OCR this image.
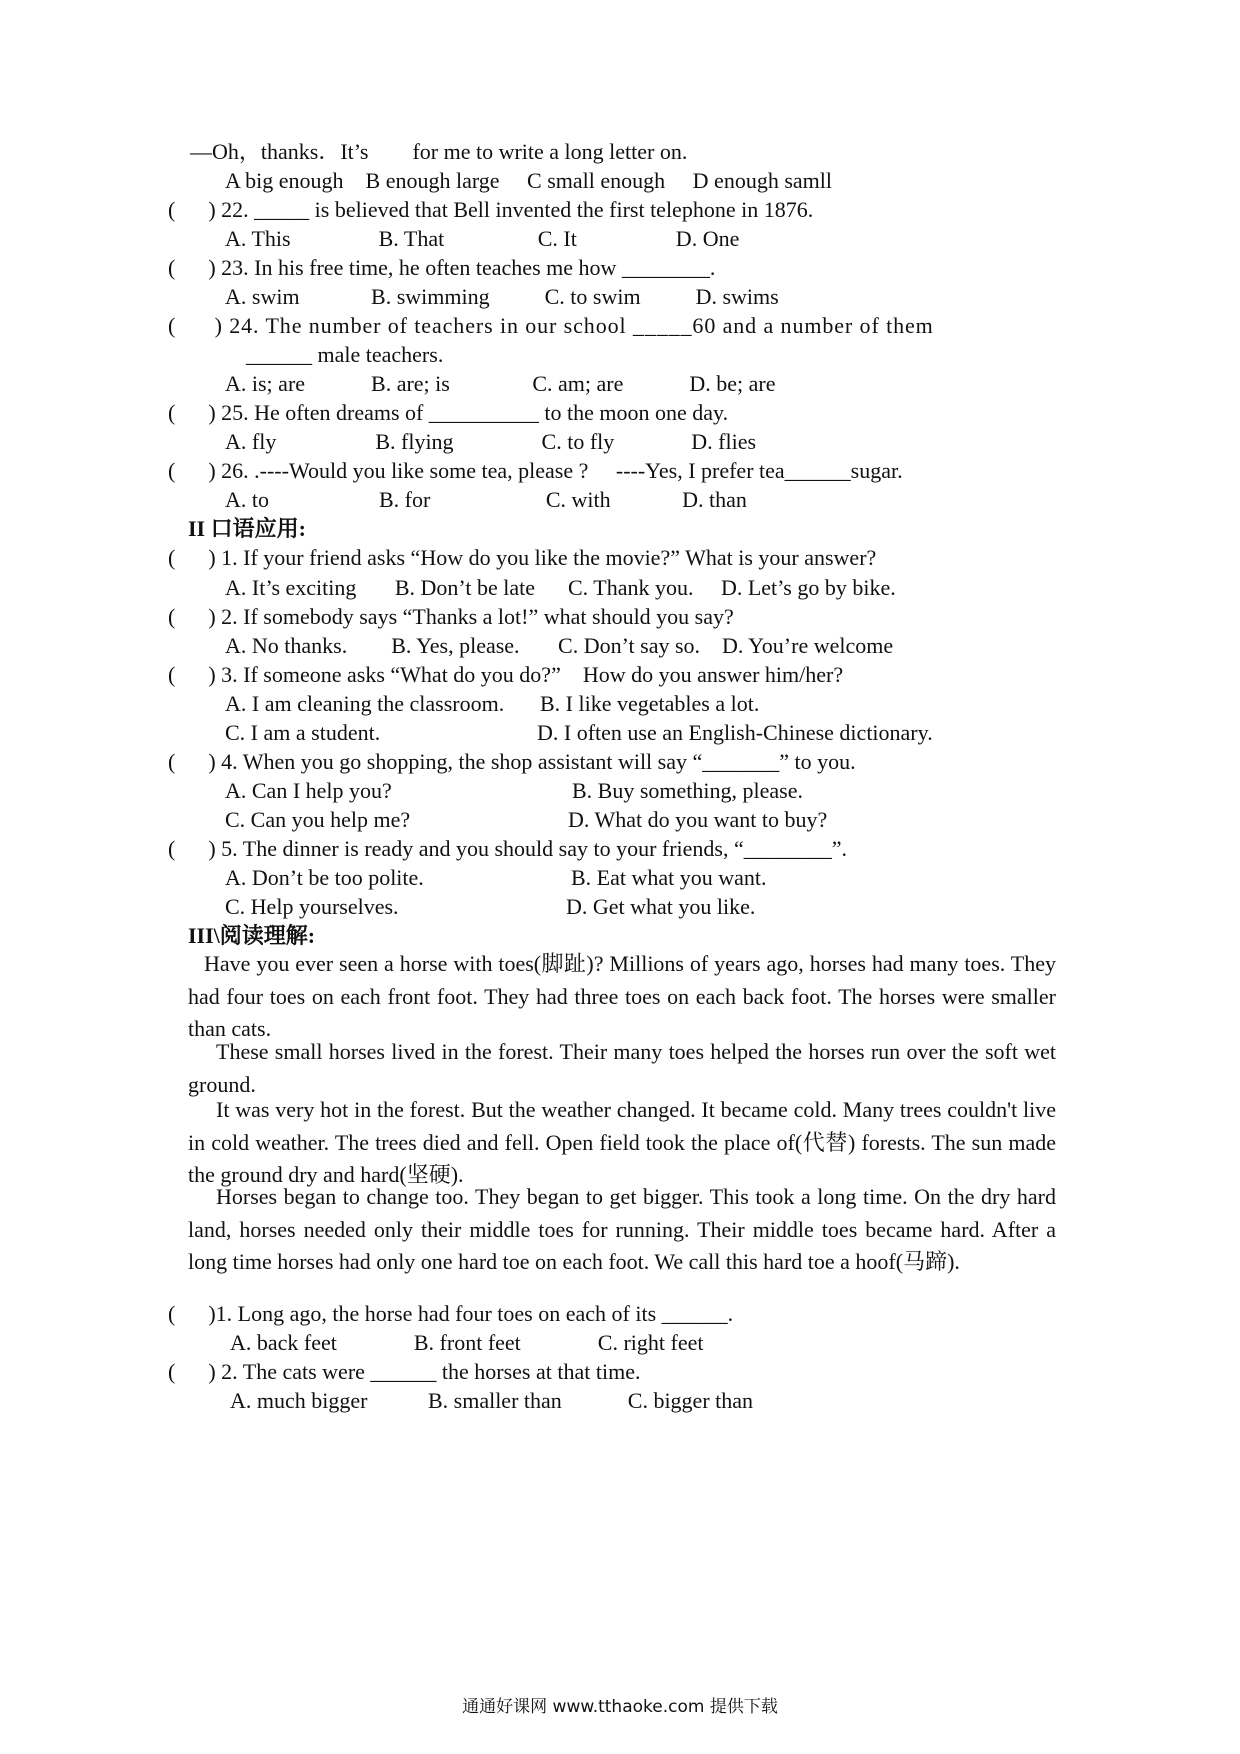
—Oh，thanks．It’s        for me to write a long letter on.
A big enough    B enough large     C small enough     D enough samll
(      ) 22. _____ is believed that Bell invented the first telephone in 1876.
A. This                B. That                 C. It                  D. One
(      ) 23. In his free time, he often teaches me how ________.
A. swim             B. swimming          C. to swim          D. swims
(      ) 24. The number of teachers in our school _____60 and a number of them
______ male teachers.
A. is; are            B. are; is               C. am; are            D. be; are
(      ) 25. He often dreams of __________ to the moon one day.
A. fly                  B. flying                C. to fly              D. flies
(      ) 26. .----Would you like some tea, please ?     ----Yes, I prefer tea______sugar.
A. to                    B. for                     C. with             D. than
II 口语应用:
(      ) 1. If your friend asks “How do you like the movie?” What is your answer?
A. It’s exciting       B. Don’t be late      C. Thank you.     D. Let’s go by bike.
(      ) 2. If somebody says “Thanks a lot!” what should you say?
A. No thanks.        B. Yes, please.       C. Don’t say so.    D. You’re welcome
(      ) 3. If someone asks “What do you do?”    How do you answer him/her?
A. I am cleaning the classroom. B. I like vegetables a lot.
C. I am a student.	D. I often use an English-Chinese dictionary.
(      ) 4. When you go shopping, the shop assistant will say “_______” to you.
A. Can I help you?	B. Buy something, please.
C. Can you help me?	D. What do you want to buy?
(      ) 5. The dinner is ready and you should say to your friends, “________”.
A. Don’t be too polite.	B. Eat what you want.
C. Help yourselves.	D. Get what you like.
III\阅读理解:
Have you ever seen a horse with toes(脚趾)? Millions of years ago, horses had many toes. They had four toes on each front foot. They had three toes on each back foot. The horses were smaller than cats.
These small horses lived in the forest. Their many toes helped the horses run over the soft wet ground.
It was very hot in the forest. But the weather changed. It became cold. Many trees couldn't live in cold weather. The trees died and fell. Open field took the place of(代替) forests. The sun made the ground dry and hard(坚硬).
Horses began to change too. They began to get bigger. This took a long time. On the dry hard land, horses needed only their middle toes for running. Their middle toes became hard. After a long time horses had only one hard toe on each foot. We call this hard toe a hoof(马蹄).
(      )1. Long ago, the horse had four toes on each of its ______.
A. back feet              B. front feet              C. right feet
(      ) 2. The cats were ______ the horses at that time.
A. much bigger           B. smaller than            C. bigger than
通通好课网 www.tthaoke.com 提供下载
